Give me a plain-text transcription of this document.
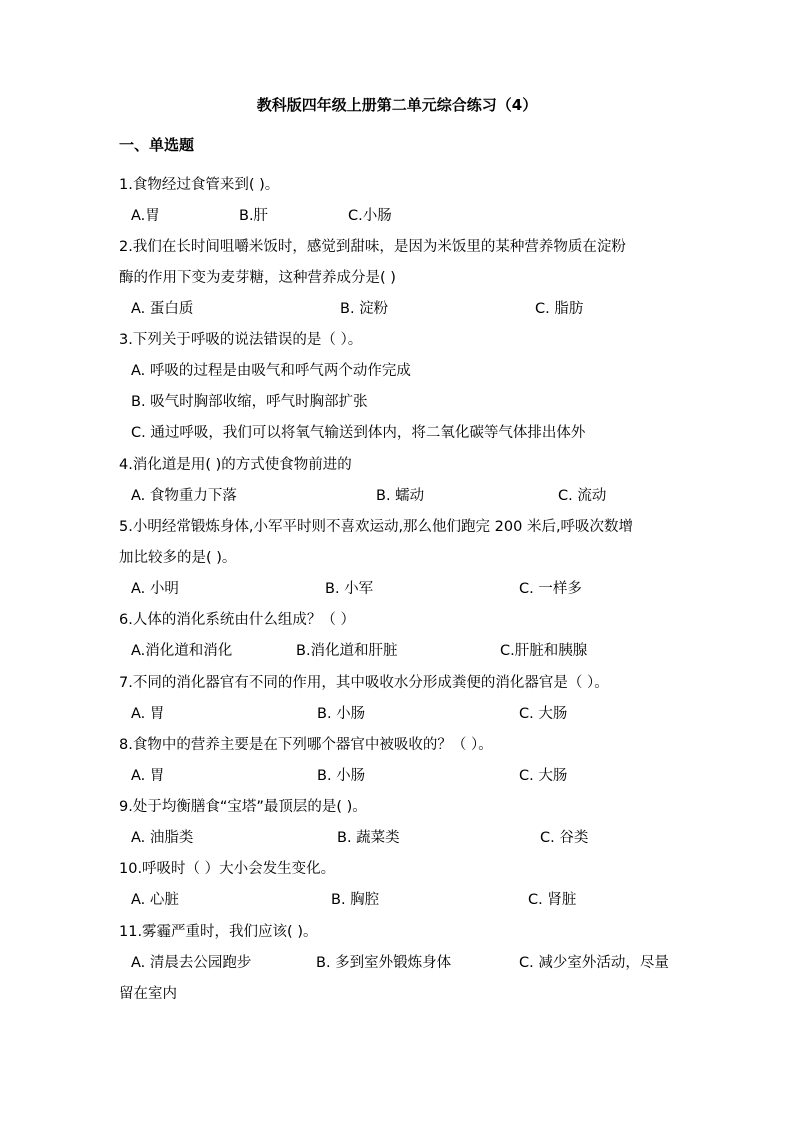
教科版四年级上册第二单元综合练习（4）
一、单选题
1.食物经过食管来到( )。
A.胃	B.肝	C.小肠
2.我们在长时间咀嚼米饭时，感觉到甜味，是因为米饭里的某种营养物质在淀粉
酶的作用下变为麦芽糖，这种营养成分是( )
A. 蛋白质	B. 淀粉	C. 脂肪
3.下列关于呼吸的说法错误的是（ ）。
A. 呼吸的过程是由吸气和呼气两个动作完成
B. 吸气时胸部收缩，呼气时胸部扩张
C. 通过呼吸，我们可以将氧气输送到体内，将二氧化碳等气体排出体外
4.消化道是用( )的方式使食物前进的
A. 食物重力下落	B. 蠕动	C. 流动
5.小明经常锻炼身体,小军平时则不喜欢运动,那么他们跑完 200 米后,呼吸次数增
加比较多的是( )。
A. 小明	B. 小军	C. 一样多
6.人体的消化系统由什么组成？（ ）
A.消化道和消化	B.消化道和肝脏	C.肝脏和胰腺
7.不同的消化器官有不同的作用，其中吸收水分形成粪便的消化器官是（ ）。
A. 胃	B. 小肠	C. 大肠
8.食物中的营养主要是在下列哪个器官中被吸收的？（ ）。
A. 胃	B. 小肠	C. 大肠
9.处于均衡膳食“宝塔”最顶层的是( )。
A. 油脂类	B. 蔬菜类	C. 谷类
10.呼吸时（ ）大小会发生变化。
A. 心脏	B. 胸腔	C. 肾脏
11.雾霾严重时，我们应该( )。
A. 清晨去公园跑步	B. 多到室外锻炼身体	C. 减少室外活动，尽量
留在室内
